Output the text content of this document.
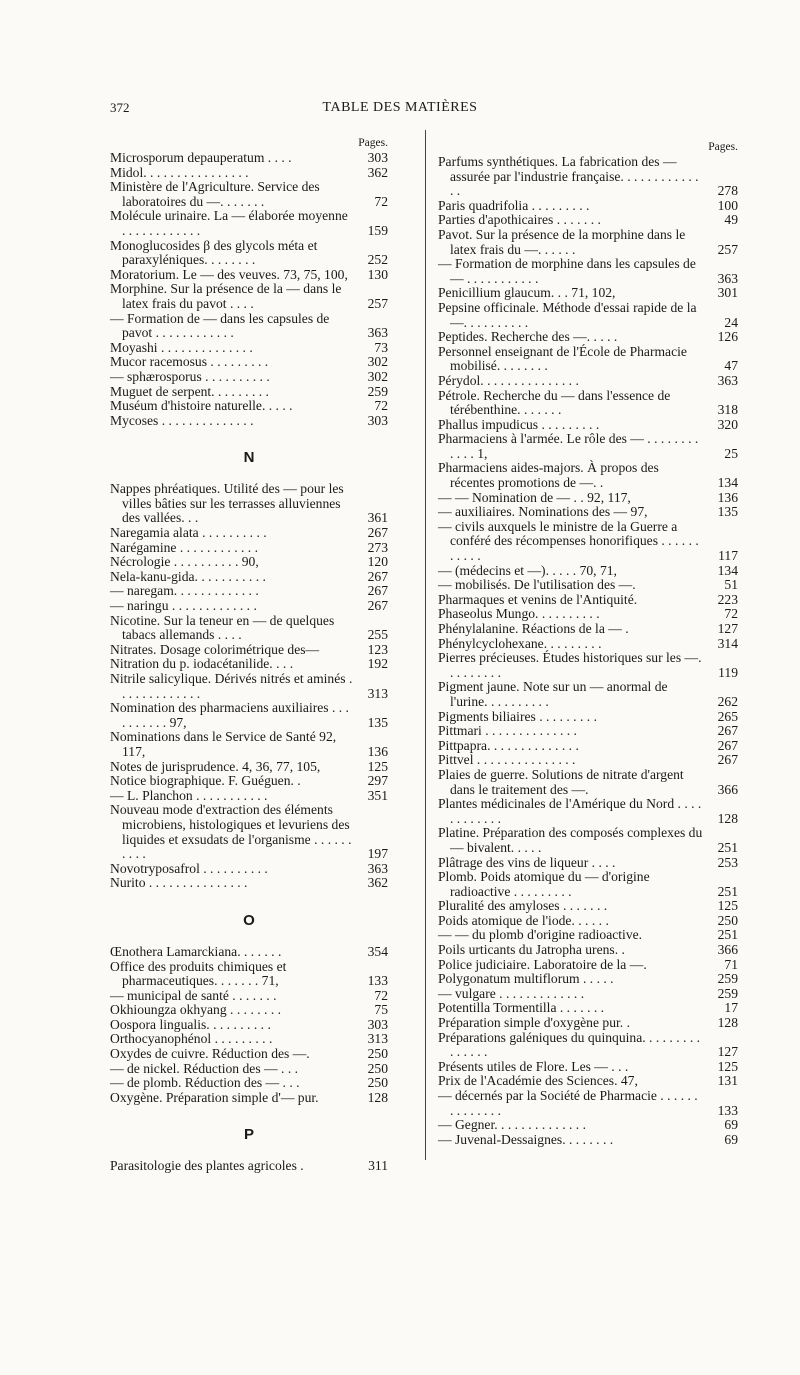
372	TABLE DES MATIÈRES
Pages.
Microsporum depauperatum . . . .	303
Midol. . . . . . . . . . . . . . . .	362
Ministère de l'Agriculture. Service des laboratoires du —. . . . . . .	72
Molécule urinaire. La — élaborée moyenne . . . . . . . . . . . .	159
Monoglucosides β des glycols méta et paraxyléniques. . . . . . . .	252
Moratorium. Le — des veuves. 73, 75, 100,	130
Morphine. Sur la présence de la — dans le latex frais du pavot . . . .	257
— Formation de — dans les capsules de pavot . . . . . . . . . . . .	363
Moyashi . . . . . . . . . . . . . .	73
Mucor racemosus . . . . . . . . .	302
— sphærosporus . . . . . . . . . .	302
Muguet de serpent. . . . . . . . .	259
Muséum d'histoire naturelle. . . . .	72
Mycoses . . . . . . . . . . . . . .	303
N
Nappes phréatiques. Utilité des — pour les villes bâties sur les terrasses alluviennes des vallées. . .	361
Naregamia alata . . . . . . . . . .	267
Narégamine . . . . . . . . . . . .	273
Nécrologie . . . . . . . . . . 90,	120
Nela-kanu-gida. . . . . . . . . . .	267
— naregam. . . . . . . . . . . . .	267
— naringu . . . . . . . . . . . . .	267
Nicotine. Sur la teneur en — de quelques tabacs allemands . . . .	255
Nitrates. Dosage colorimétrique des—	123
Nitration du p. iodacétanilide. . . .	192
Nitrile salicylique. Dérivés nitrés et aminés . . . . . . . . . . . . .	313
Nomination des pharmaciens auxiliaires . . . . . . . . . . 97,	135
Nominations dans le Service de Santé 92, 117,	136
Notes de jurisprudence. 4, 36, 77, 105,	125
Notice biographique. F. Guéguen. .	297
— L. Planchon . . . . . . . . . . .	351
Nouveau mode d'extraction des éléments microbiens, histologiques et levuriens des liquides et exsudats de l'organisme . . . . . . . . . .	197
Novotryposafrol . . . . . . . . . .	363
Nurito . . . . . . . . . . . . . . .	362
O
Œnothera Lamarckiana. . . . . . .	354
Office des produits chimiques et pharmaceutiques. . . . . . . 71,	133
— municipal de santé . . . . . . .	72
Okhioungza okhyang . . . . . . . .	75
Oospora lingualis. . . . . . . . . .	303
Orthocyanophénol . . . . . . . . .	313
Oxydes de cuivre. Réduction des —.	250
— de nickel. Réduction des — . . .	250
— de plomb. Réduction des — . . .	250
Oxygène. Préparation simple d'— pur.	128
P
Parasitologie des plantes agricoles .	311
Pages.
Parfums synthétiques. La fabrication des — assurée par l'industrie française. . . . . . . . . . . . . .	278
Paris quadrifolia . . . . . . . . .	100
Parties d'apothicaires . . . . . . .	49
Pavot. Sur la présence de la morphine dans le latex frais du —. . . . . .	257
— Formation de morphine dans les capsules de — . . . . . . . . . . .	363
Penicillium glaucum. . . 71, 102,	301
Pepsine officinale. Méthode d'essai rapide de la —. . . . . . . . . .	24
Peptides. Recherche des —. . . . .	126
Personnel enseignant de l'École de Pharmacie mobilisé. . . . . . . .	47
Pérydol. . . . . . . . . . . . . . .	363
Pétrole. Recherche du — dans l'essence de térébenthine. . . . . . .	318
Phallus impudicus . . . . . . . . .	320
Pharmaciens à l'armée. Le rôle des — . . . . . . . . . . . . 1,	25
Pharmaciens aides-majors. À propos des récentes promotions de —. .	134
— — Nomination de — . . 92, 117,	136
— auxiliaires. Nominations des — 97,	135
— civils auxquels le ministre de la Guerre a conféré des récompenses honorifiques . . . . . . . . . . .	117
— (médecins et —). . . . . 70, 71,	134
— mobilisés. De l'utilisation des —.	51
Pharmaques et venins de l'Antiquité.	223
Phaseolus Mungo. . . . . . . . . .	72
Phénylalanine. Réactions de la — .	127
Phénylcyclohexane. . . . . . . . .	314
Pierres précieuses. Études historiques sur les —. . . . . . . . .	119
Pigment jaune. Note sur un — anormal de l'urine. . . . . . . . . .	262
Pigments biliaires . . . . . . . . .	265
Pittmari . . . . . . . . . . . . . .	267
Pittpapra. . . . . . . . . . . . . .	267
Pittvel . . . . . . . . . . . . . . .	267
Plaies de guerre. Solutions de nitrate d'argent dans le traitement des —.	366
Plantes médicinales de l'Amérique du Nord . . . . . . . . . . . .	128
Platine. Préparation des composés complexes du — bivalent. . . . .	251
Plâtrage des vins de liqueur . . . .	253
Plomb. Poids atomique du — d'origine radioactive . . . . . . . . .	251
Pluralité des amyloses . . . . . . .	125
Poids atomique de l'iode. . . . . .	250
— — du plomb d'origine radioactive.	251
Poils urticants du Jatropha urens. .	366
Police judiciaire. Laboratoire de la —.	71
Polygonatum multiflorum . . . . .	259
— vulgare . . . . . . . . . . . . .	259
Potentilla Tormentilla . . . . . . .	17
Préparation simple d'oxygène pur. .	128
Préparations galéniques du quinquina. . . . . . . . . . . . . . .	127
Présents utiles de Flore. Les — . . .	125
Prix de l'Académie des Sciences. 47,	131
— décernés par la Société de Pharmacie . . . . . . . . . . . . . .	133
— Gegner. . . . . . . . . . . . . .	69
— Juvenal-Dessaignes. . . . . . . .	69
